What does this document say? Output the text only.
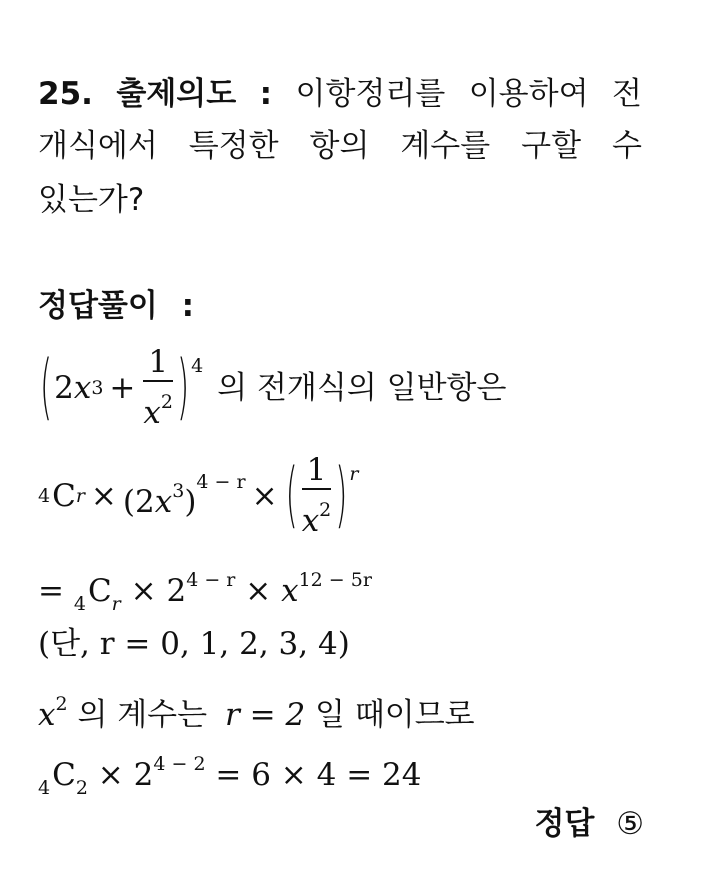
25. 출제의도 : 이항정리를 이용하여 전
개식에서 특정한 항의 계수를 구할 수
있는가?
정답풀이 :
( 2 x $3 + \frac{1}{x^2}$ ) 4
의 전개식의 일반항은
4 C $r \times (2x^3)$
4 − r × ( $\frac{1}{x^2}$ ) r
= $_4C_r \times 2^{4 - r} \times x^{12 - 5r}$
(단, r = 0, 1, 2, 3, 4)
$x^2$ 의 계수는 r = 2 일 때이므로
$_4C_2 \times 2^{4 - 2} = 6 \times 4 = 24$
정답 ⑤
